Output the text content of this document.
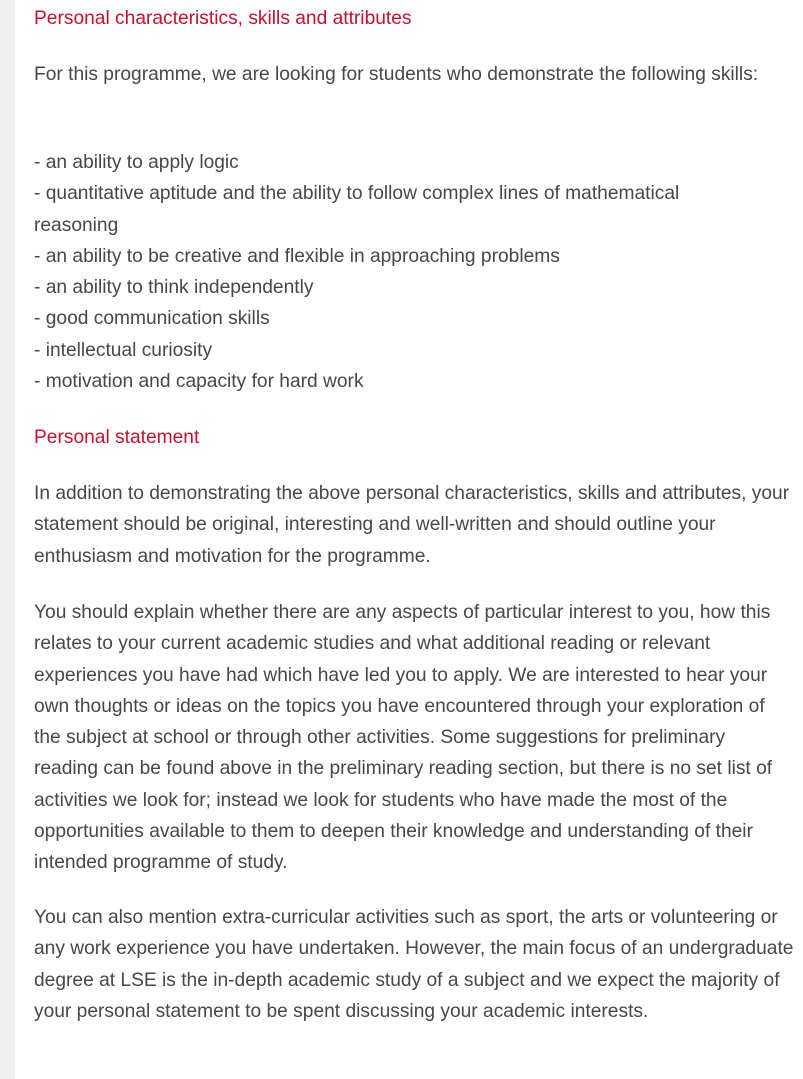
Personal characteristics, skills and attributes

For this programme, we are looking for students who demonstrate the following skills:

- an ability to apply logic
- quantitative aptitude and the ability to follow complex lines of mathematical reasoning
- an ability to be creative and flexible in approaching problems
- an ability to think independently
- good communication skills
- intellectual curiosity
- motivation and capacity for hard work

Personal statement

In addition to demonstrating the above personal characteristics, skills and attributes, your statement should be original, interesting and well-written and should outline your enthusiasm and motivation for the programme.

You should explain whether there are any aspects of particular interest to you, how this relates to your current academic studies and what additional reading or relevant experiences you have had which have led you to apply. We are interested to hear your own thoughts or ideas on the topics you have encountered through your exploration of the subject at school or through other activities. Some suggestions for preliminary reading can be found above in the preliminary reading section, but there is no set list of activities we look for; instead we look for students who have made the most of the opportunities available to them to deepen their knowledge and understanding of their intended programme of study.

You can also mention extra-curricular activities such as sport, the arts or volunteering or any work experience you have undertaken. However, the main focus of an undergraduate degree at LSE is the in-depth academic study of a subject and we expect the majority of your personal statement to be spent discussing your academic interests.
